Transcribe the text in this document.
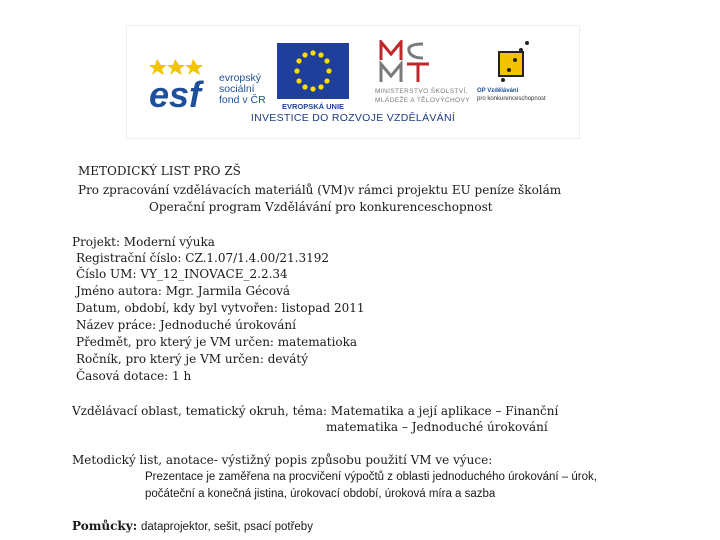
esf evropský
sociální
fond v ČR
EVROPSKÁ UNIE
MINISTERSTVO ŠKOLSTVÍ,
MLÁDEŽE A TĚLOVÝCHOVY
OP Vzdělávání
pro konkurenceschopnost
INVESTICE DO ROZVOJE VZDĚLÁVÁNÍ
METODICKÝ LIST PRO ZŠ
Pro zpracování vzdělávacích materiálů (VM)v rámci projektu EU peníze školám
Operační program Vzdělávání pro konkurenceschopnost
Projekt: Moderní výuka
Registrační číslo: CZ.1.07/1.4.00/21.3192
Číslo UM: VY_12_INOVACE_2.2.34
Jméno autora: Mgr. Jarmila Gécová
Datum, období, kdy byl vytvořen: listopad 2011
Název práce: Jednoduché úrokování
Předmět, pro který je VM určen: matematioka
Ročník, pro který je VM určen: devátý
Časová dotace: 1 h
Vzdělávací oblast, tematický okruh, téma: Matematika a její aplikace – Finanční
matematika – Jednoduché úrokování
Metodický list, anotace- výstižný popis způsobu použití VM ve výuce:
Prezentace je zaměřena na procvičení výpočtů z oblasti jednoduchého úrokování – úrok,
počáteční a konečná jistina, úrokovací období, úroková míra a sazba
Pomůcky: dataprojektor, sešit, psací potřeby
